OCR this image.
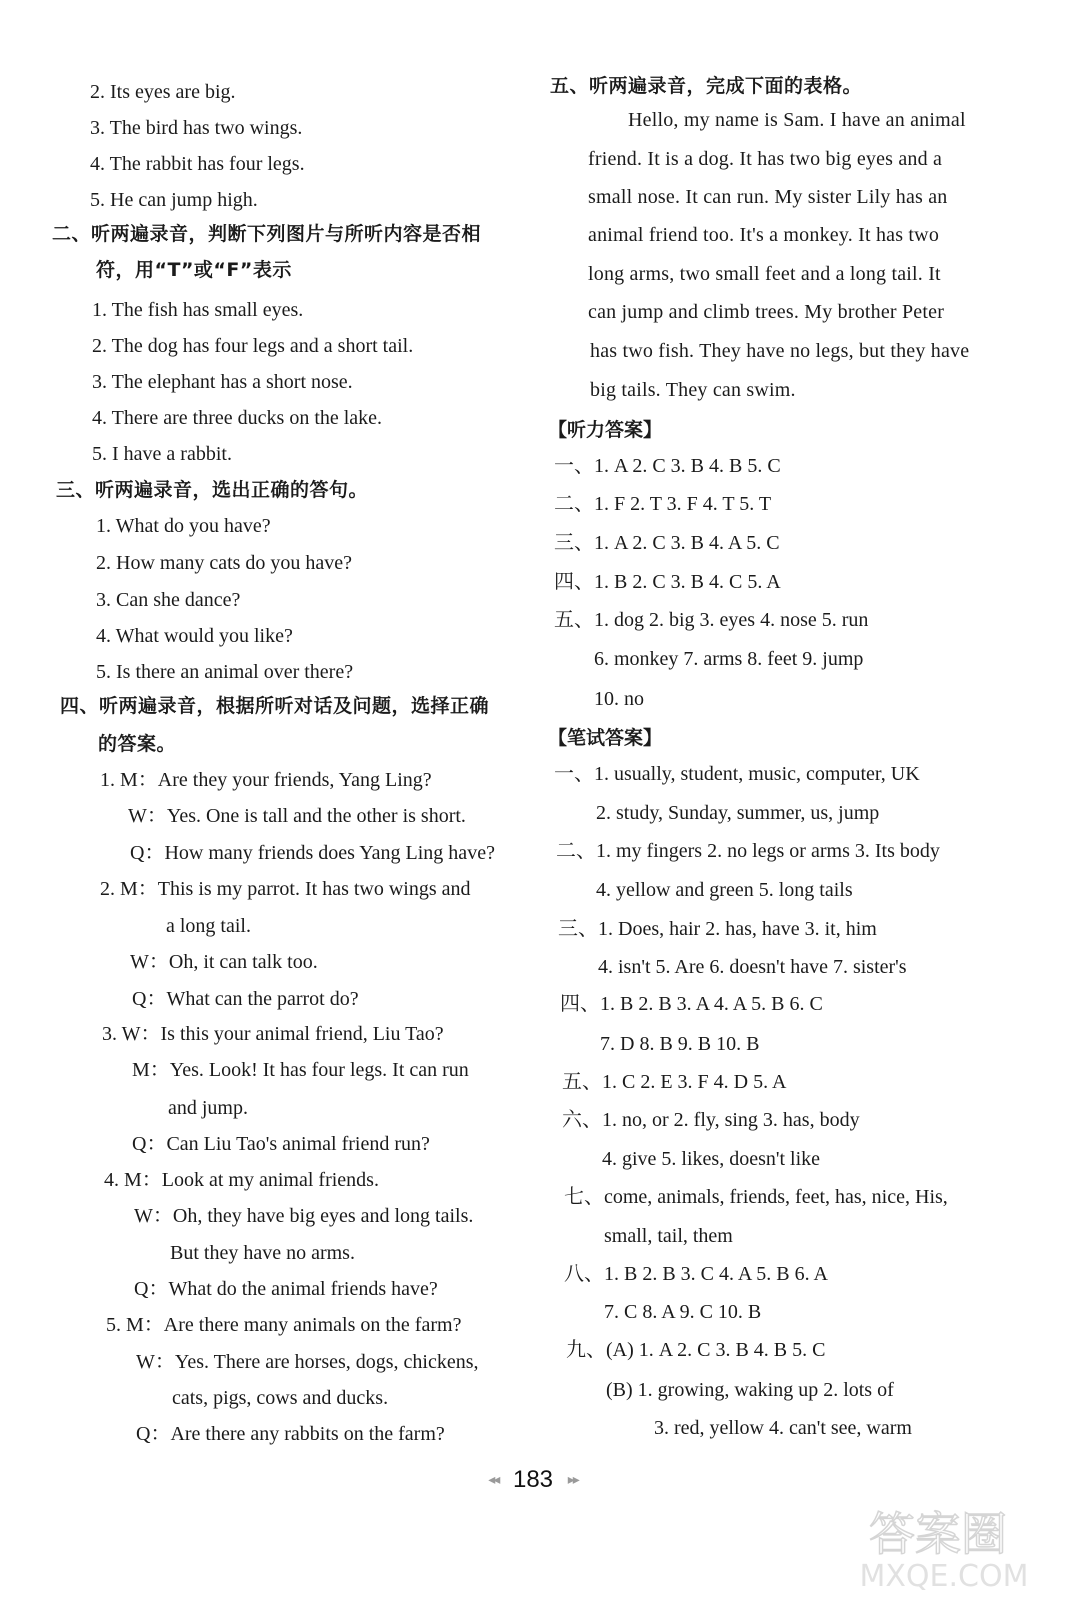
◂◂ 183 ▸▸
答案圈
MXQE.COM
2. Its eyes are big.
3. The bird has two wings.
4. The rabbit has four legs.
5. He can jump high.
二、听两遍录音，判断下列图片与所听内容是否相
符，用“T”或“F”表示
1. The fish has small eyes.
2. The dog has four legs and a short tail.
3. The elephant has a short nose.
4. There are three ducks on the lake.
5. I have a rabbit.
三、听两遍录音，选出正确的答句。
1. What do you have?
2. How many cats do you have?
3. Can she dance?
4. What would you like?
5. Is there an animal over there?
四、听两遍录音，根据所听对话及问题，选择正确
的答案。
1. M：Are they your friends, Yang Ling?
W：Yes. One is tall and the other is short.
Q：How many friends does Yang Ling have?
2. M：This is my parrot. It has two wings and
a long tail.
W：Oh, it can talk too.
Q：What can the parrot do?
3. W：Is this your animal friend, Liu Tao?
M：Yes. Look! It has four legs. It can run
and jump.
Q：Can Liu Tao's animal friend run?
4. M：Look at my animal friends.
W：Oh, they have big eyes and long tails.
But they have no arms.
Q：What do the animal friends have?
5. M：Are there many animals on the farm?
W：Yes. There are horses, dogs, chickens,
cats, pigs, cows and ducks.
Q：Are there any rabbits on the farm?
五、听两遍录音，完成下面的表格。
Hello, my name is Sam. I have an animal
friend. It is a dog. It has two big eyes and a
small nose. It can run. My sister Lily has an
animal friend too. It's a monkey. It has two
long arms, two small feet and a long tail. It
can jump and climb trees. My brother Peter
has two fish. They have no legs, but they have
big tails. They can swim.
【听力答案】
一、1. A 2. C 3. B 4. B 5. C
二、1. F 2. T 3. F 4. T 5. T
三、1. A 2. C 3. B 4. A 5. C
四、1. B 2. C 3. B 4. C 5. A
五、1. dog 2. big 3. eyes 4. nose 5. run
6. monkey 7. arms 8. feet 9. jump
10. no
【笔试答案】
一、1. usually, student, music, computer, UK
2. study, Sunday, summer, us, jump
二、1. my fingers 2. no legs or arms 3. Its body
4. yellow and green 5. long tails
三、1. Does, hair 2. has, have 3. it, him
4. isn't 5. Are 6. doesn't have 7. sister's
四、1. B 2. B 3. A 4. A 5. B 6. C
7. D 8. B 9. B 10. B
五、1. C 2. E 3. F 4. D 5. A
六、1. no, or 2. fly, sing 3. has, body
4. give 5. likes, doesn't like
七、come, animals, friends, feet, has, nice, His,
small, tail, them
八、1. B 2. B 3. C 4. A 5. B 6. A
7. C 8. A 9. C 10. B
九、(A) 1. A 2. C 3. B 4. B 5. C
(B) 1. growing, waking up 2. lots of
3. red, yellow 4. can't see, warm
